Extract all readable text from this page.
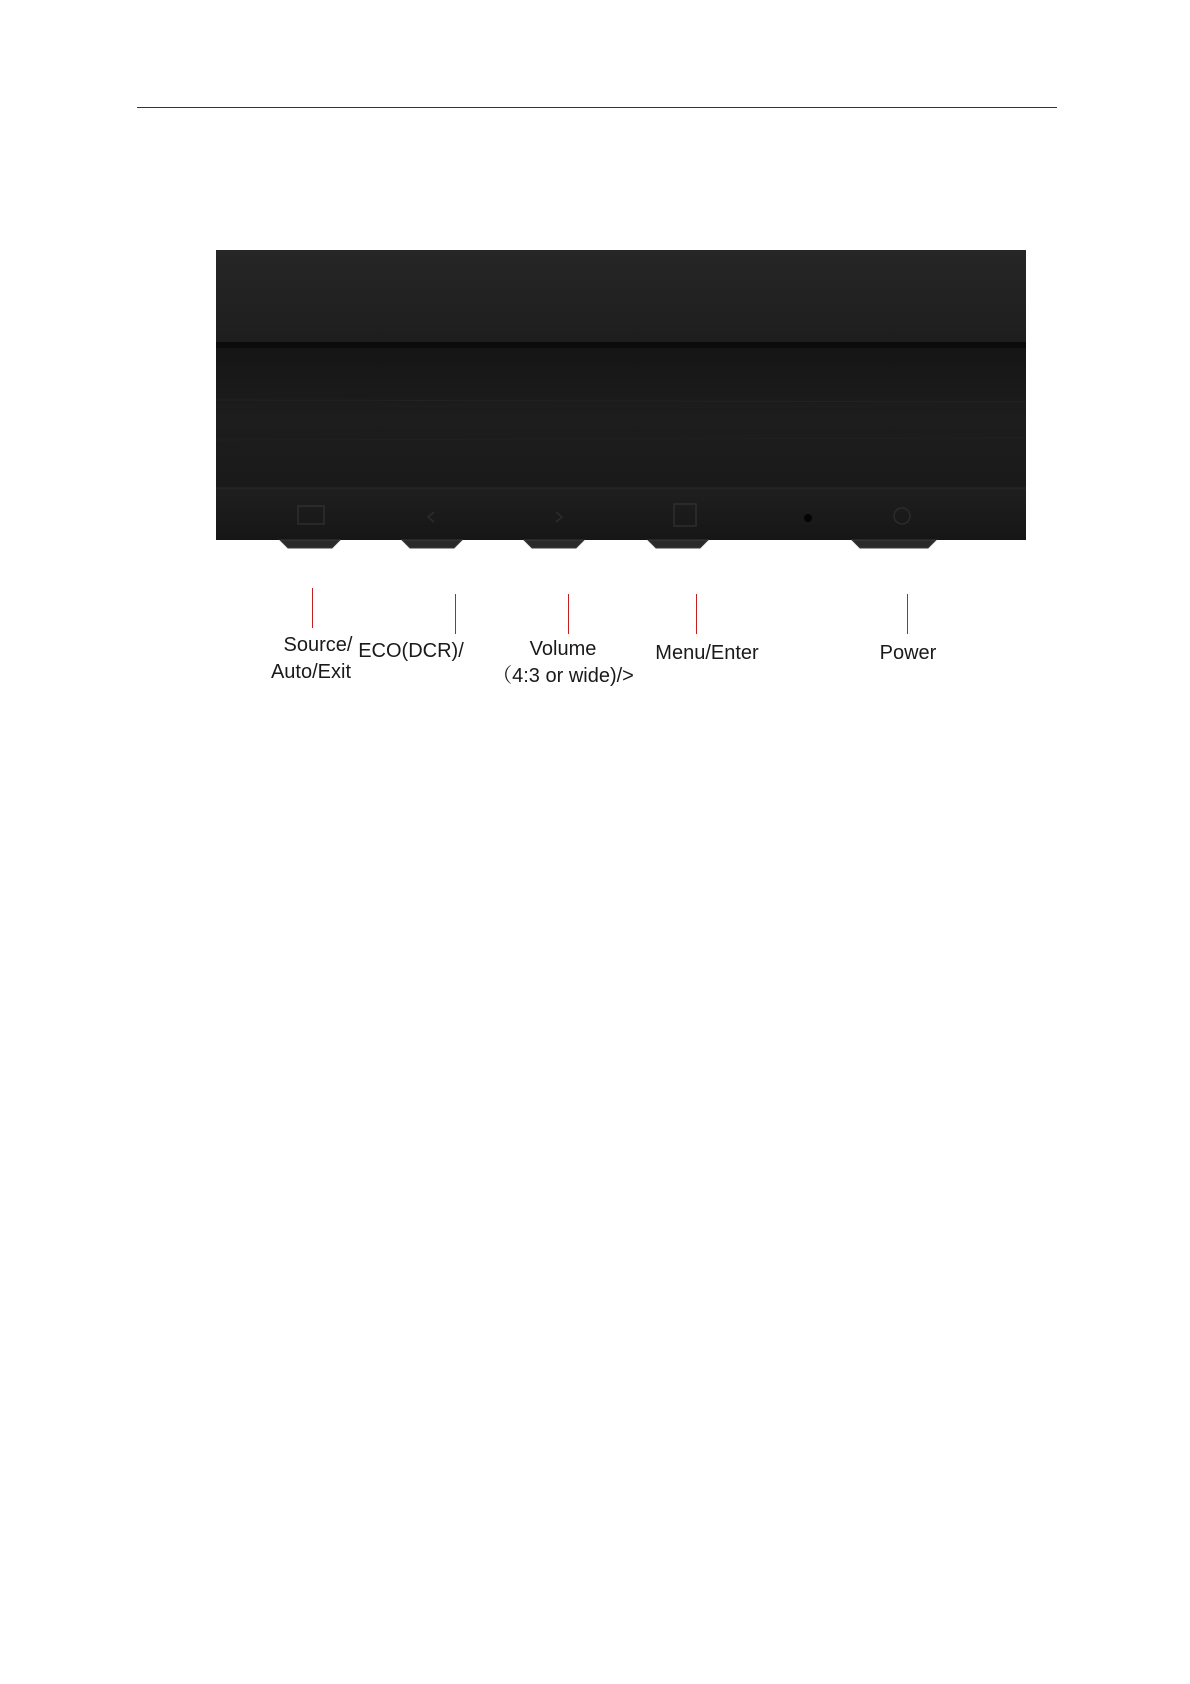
Source/
Auto/Exit
ECO(DCR)/	Volume
（4:3 or wide)/>
Menu/Enter	Power
